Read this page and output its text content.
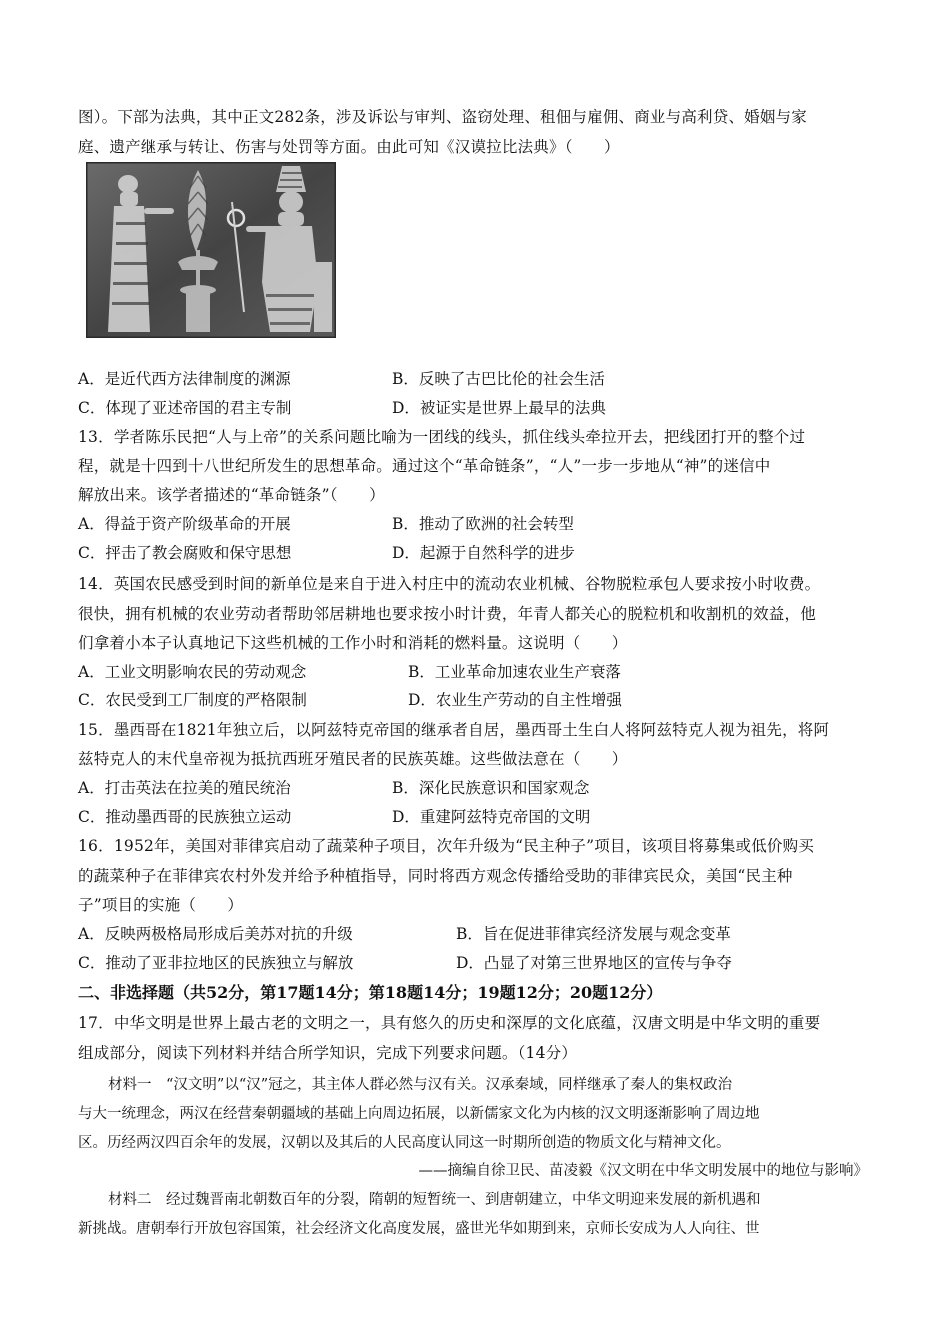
图）。下部为法典，其中正文282条，涉及诉讼与审判、盗窃处理、租佃与雇佣、商业与高利贷、婚姻与家
庭、遗产继承与转让、伤害与处罚等方面。由此可知《汉谟拉比法典》（　　）
A．是近代西方法律制度的渊源	B．反映了古巴比伦的社会生活
C．体现了亚述帝国的君主专制	D．被证实是世界上最早的法典
13．学者陈乐民把“人与上帝”的关系问题比喻为一团线的线头，抓住线头牵拉开去，把线团打开的整个过
程，就是十四到十八世纪所发生的思想革命。通过这个“革命链条”，“人”一步一步地从“神”的迷信中
解放出来。该学者描述的“革命链条”（　　）
A．得益于资产阶级革命的开展	B．推动了欧洲的社会转型
C．抨击了教会腐败和保守思想	D．起源于自然科学的进步
14．英国农民感受到时间的新单位是来自于进入村庄中的流动农业机械、谷物脱粒承包人要求按小时收费。
很快，拥有机械的农业劳动者帮助邻居耕地也要求按小时计费，年青人都关心的脱粒机和收割机的效益，他
们拿着小本子认真地记下这些机械的工作小时和消耗的燃料量。这说明（　　）
A．工业文明影响农民的劳动观念	B．工业革命加速农业生产衰落
C．农民受到工厂制度的严格限制	D．农业生产劳动的自主性增强
15．墨西哥在1821年独立后，以阿兹特克帝国的继承者自居，墨西哥土生白人将阿兹特克人视为祖先，将阿
兹特克人的末代皇帝视为抵抗西班牙殖民者的民族英雄。这些做法意在（　　）
A．打击英法在拉美的殖民统治	B．深化民族意识和国家观念
C．推动墨西哥的民族独立运动	D．重建阿兹特克帝国的文明
16．1952年，美国对菲律宾启动了蔬菜种子项目，次年升级为“民主种子”项目，该项目将募集或低价购买
的蔬菜种子在菲律宾农村外发并给予种植指导，同时将西方观念传播给受助的菲律宾民众，美国“民主种
子”项目的实施（　　）
A．反映两极格局形成后美苏对抗的升级	B．旨在促进菲律宾经济发展与观念变革
C．推动了亚非拉地区的民族独立与解放	D．凸显了对第三世界地区的宣传与争夺
二、非选择题（共52分，第17题14分；第18题14分；19题12分；20题12分）
17．中华文明是世界上最古老的文明之一，具有悠久的历史和深厚的文化底蕴，汉唐文明是中华文明的重要
组成部分，阅读下列材料并结合所学知识，完成下列要求问题。（14分）
材料一　“汉文明”以“汉”冠之，其主体人群必然与汉有关。汉承秦域，同样继承了秦人的集权政治
与大一统理念，两汉在经营秦朝疆域的基础上向周边拓展，以新儒家文化为内核的汉文明逐渐影响了周边地
区。历经两汉四百余年的发展，汉朝以及其后的人民高度认同这一时期所创造的物质文化与精神文化。
——摘编自徐卫民、苗凌毅《汉文明在中华文明发展中的地位与影响》
材料二　经过魏晋南北朝数百年的分裂，隋朝的短暂统一、到唐朝建立，中华文明迎来发展的新机遇和
新挑战。唐朝奉行开放包容国策，社会经济文化高度发展，盛世光华如期到来，京师长安成为人人向往、世
